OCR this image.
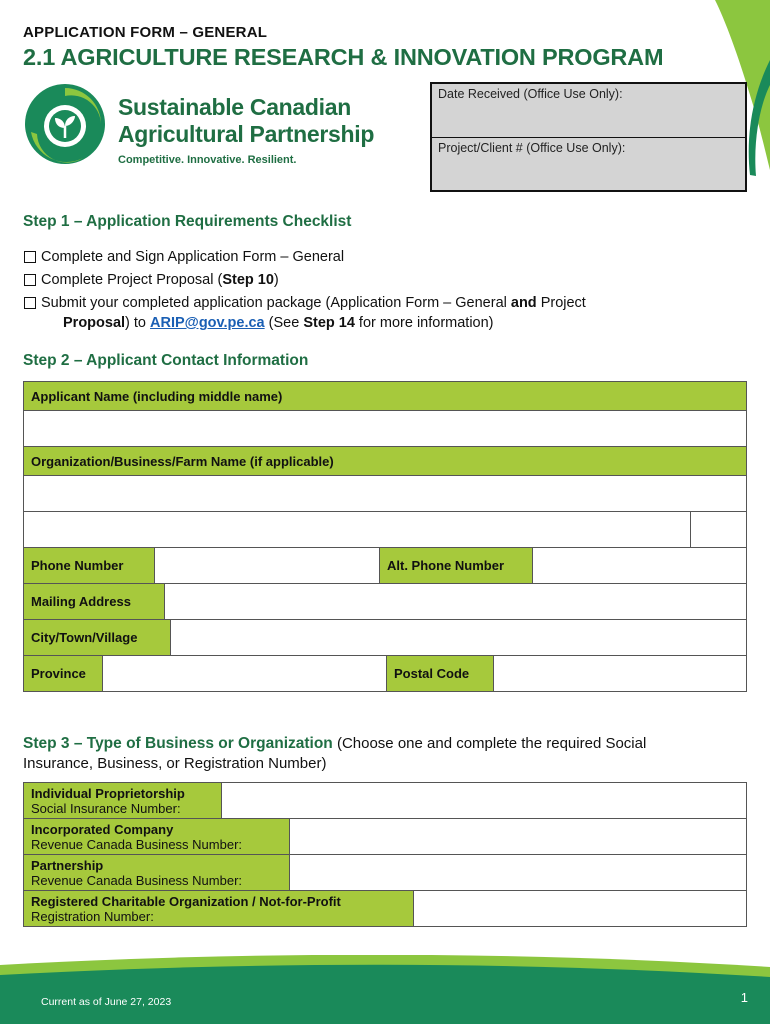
APPLICATION FORM – GENERAL
2.1 AGRICULTURE RESEARCH & INNOVATION PROGRAM
Sustainable Canadian
Agricultural Partnership
Competitive. Innovative. Resilient.
Date Received (Office Use Only):
Project/Client # (Office Use Only):
Step 1 – Application Requirements Checklist
Complete and Sign Application Form – General
Complete Project Proposal (Step 10)
Submit your completed application package (Application Form – General and Project
Proposal) to ARIP@gov.pe.ca (See Step 14 for more information)
Step 2 – Applicant Contact Information
Applicant Name (including middle name)
Organization/Business/Farm Name (if applicable)
Phone Number	Alt. Phone Number
Mailing Address
City/Town/Village
Province	Postal Code
Step 3 – Type of Business or Organization (Choose one and complete the required Social
Insurance, Business, or Registration Number)
Individual Proprietorship
Social Insurance Number:
Incorporated Company
Revenue Canada Business Number:
Partnership
Revenue Canada Business Number:
Registered Charitable Organization / Not-for-Profit
Registration Number:
Current as of June 27, 2023	1
